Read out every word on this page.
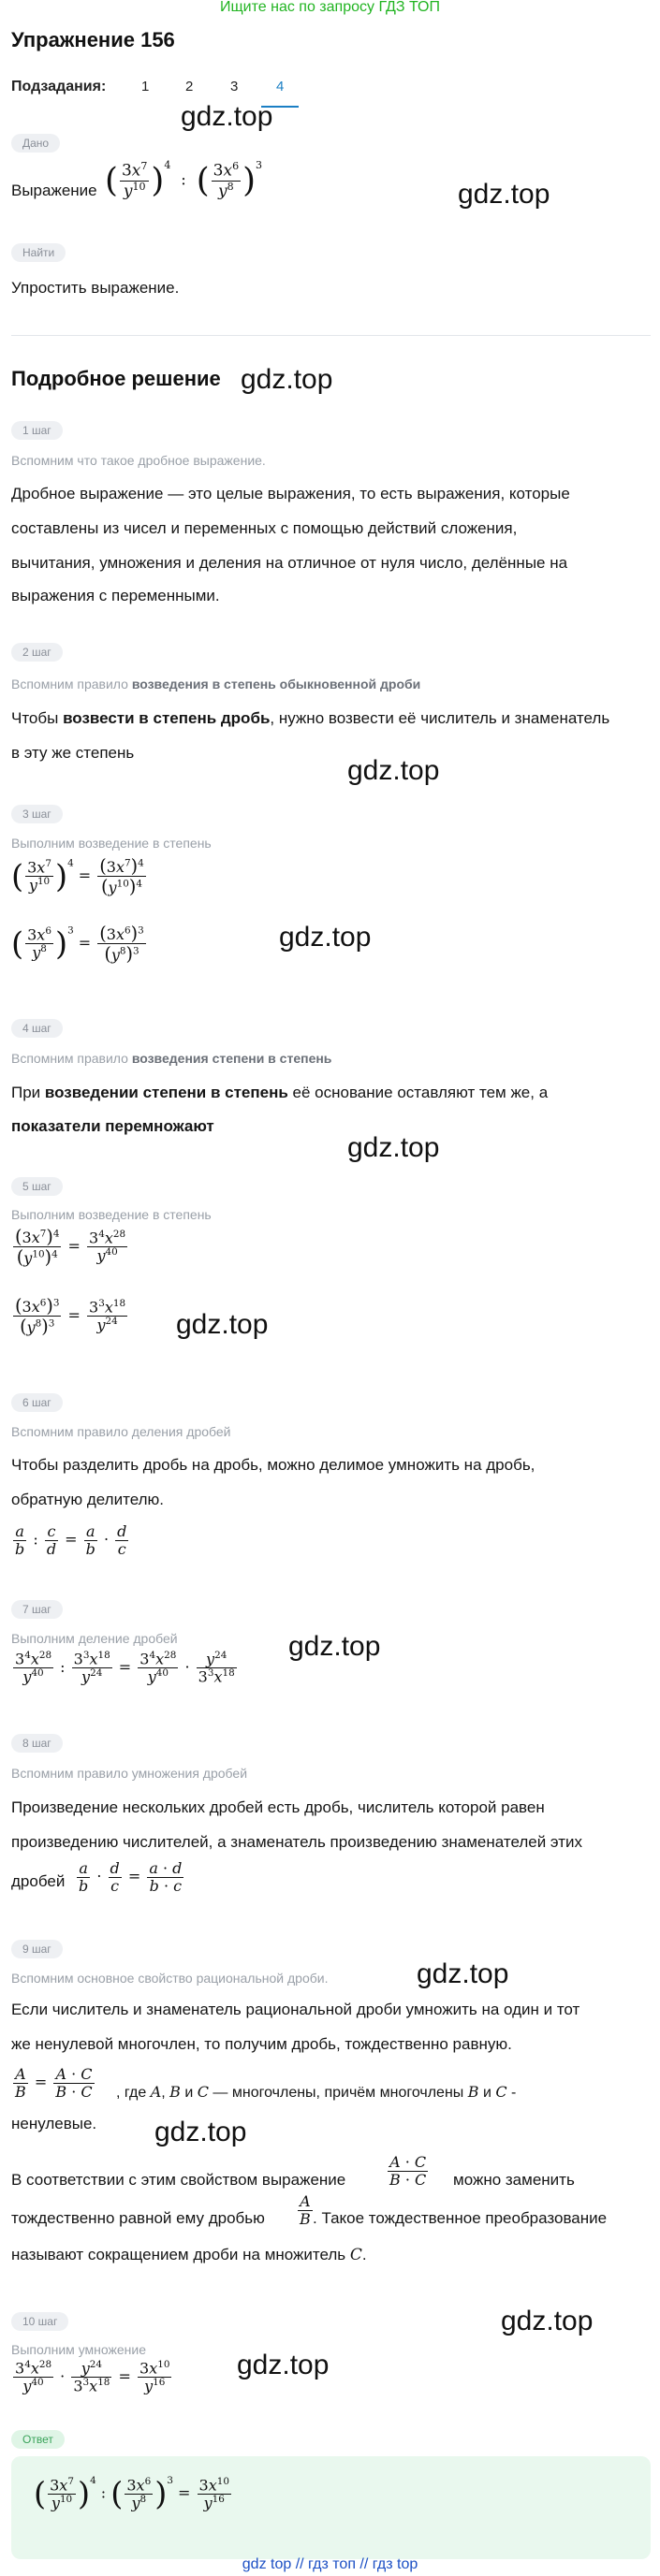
Ищите нас по запросу ГДЗ ТОП
Упражнение 156
Подзадания:	1	2	3	4
gdz.top
Дано
Выражение ( $\frac{3x^7}{y^{10}} )^4$  :  ( $\frac{3x^6}{y^8} )^3$
gdz.top
Найти
Упростить выражение.
Подробное решение gdz.top
1 шаг
Вспомним что такое дробное выражение.
Дробное выражение — это целые выражения, то есть выражения, которые
составлены из чисел и переменных с помощью действий сложения,
вычитания, умножения и деления на отличное от нуля число, делённые на
выражения с переменными.
2 шаг
Вспомним правило возведения в степень обыкновенной дроби
Чтобы возвести в степень дробь, нужно возвести её числитель и знаменатель
в эту же степень
gdz.top
3 шаг
Выполним возведение в степень
( $\frac{3x^7}{y^{10}} )^4 = \frac{(3x^7)^4}{(y^{10})^4}$
( $\frac{3x^6}{y^8} )^3 = \frac{(3x^6)^3}{(y^8)^3}$	gdz.top
4 шаг
Вспомним правило возведения степени в степень
При возведении степени в степень её основание оставляют тем же, а
показатели перемножают
gdz.top
5 шаг
Выполним возведение в степень
$\frac{(3x^7)^4}{(y^{10})^4} = \frac{3^4x^{28}}{y^{40}}$
$\frac{(3x^6)^3}{(y^8)^3} = \frac{3^3x^{18}}{y^{24}} gdz.top$
6 шаг
Вспомним правило деления дробей
Чтобы разделить дробь на дробь, можно делимое умножить на дробь,
обратную делителю.
$\frac{a}{b}$ : $\frac{c}{d} = \frac{a}{b} \cdot \frac{d}{c}$
7 шаг
Выполним деление дробей	gdz.top
$\frac{3^4x^{28}}{y^{40}}$ : $\frac{3^3x^{18}}{y^{24}} = \frac{3^4x^{28}}{y^{40}} \cdot \frac{y^{24}}{3^3x^{18}}$
8 шаг
Вспомним правило умножения дробей
Произведение нескольких дробей есть дробь, числитель которой равен
произведению числителей, а знаменатель произведению знаменателей этих
дробей $\frac{a}{b} \cdot \frac{d}{c} = \frac{a \cdot d}{b \cdot c}$
9 шаг
Вспомним основное свойство рациональной дроби.	gdz.top
Если числитель и знаменатель рациональной дроби умножить на один и тот
же ненулевой многочлен, то получим дробь, тождественно равную.
$\frac{A}{B} = \frac{A \cdot C}{B \cdot C}$ , где A, B и C — многочлены, причём многочлены B и C -
ненулевые. gdz.top
В соответствии с этим свойством выражение	$\frac{A \cdot C}{B \cdot C}$ можно заменить
тождественно равной ему дробью $\frac{A}{B}$ . Такое тождественное преобразование
называют сокращением дроби на множитель C.
10 шаг	gdz.top
Выполним умножение
$\frac{3^4x^{28}}{y^{40}} \cdot \frac{y^{24}}{3^3x^{18}} = \frac{3x^{10}}{y^{16}} gdz.top$
Ответ
( $\frac{3x^7}{y^{10}} )^4$ : ( $\frac{3x^6}{y^8} )^3 = \frac{3x^{10}}{y^{16}}$
gdz top // гдз топ // гдз top
